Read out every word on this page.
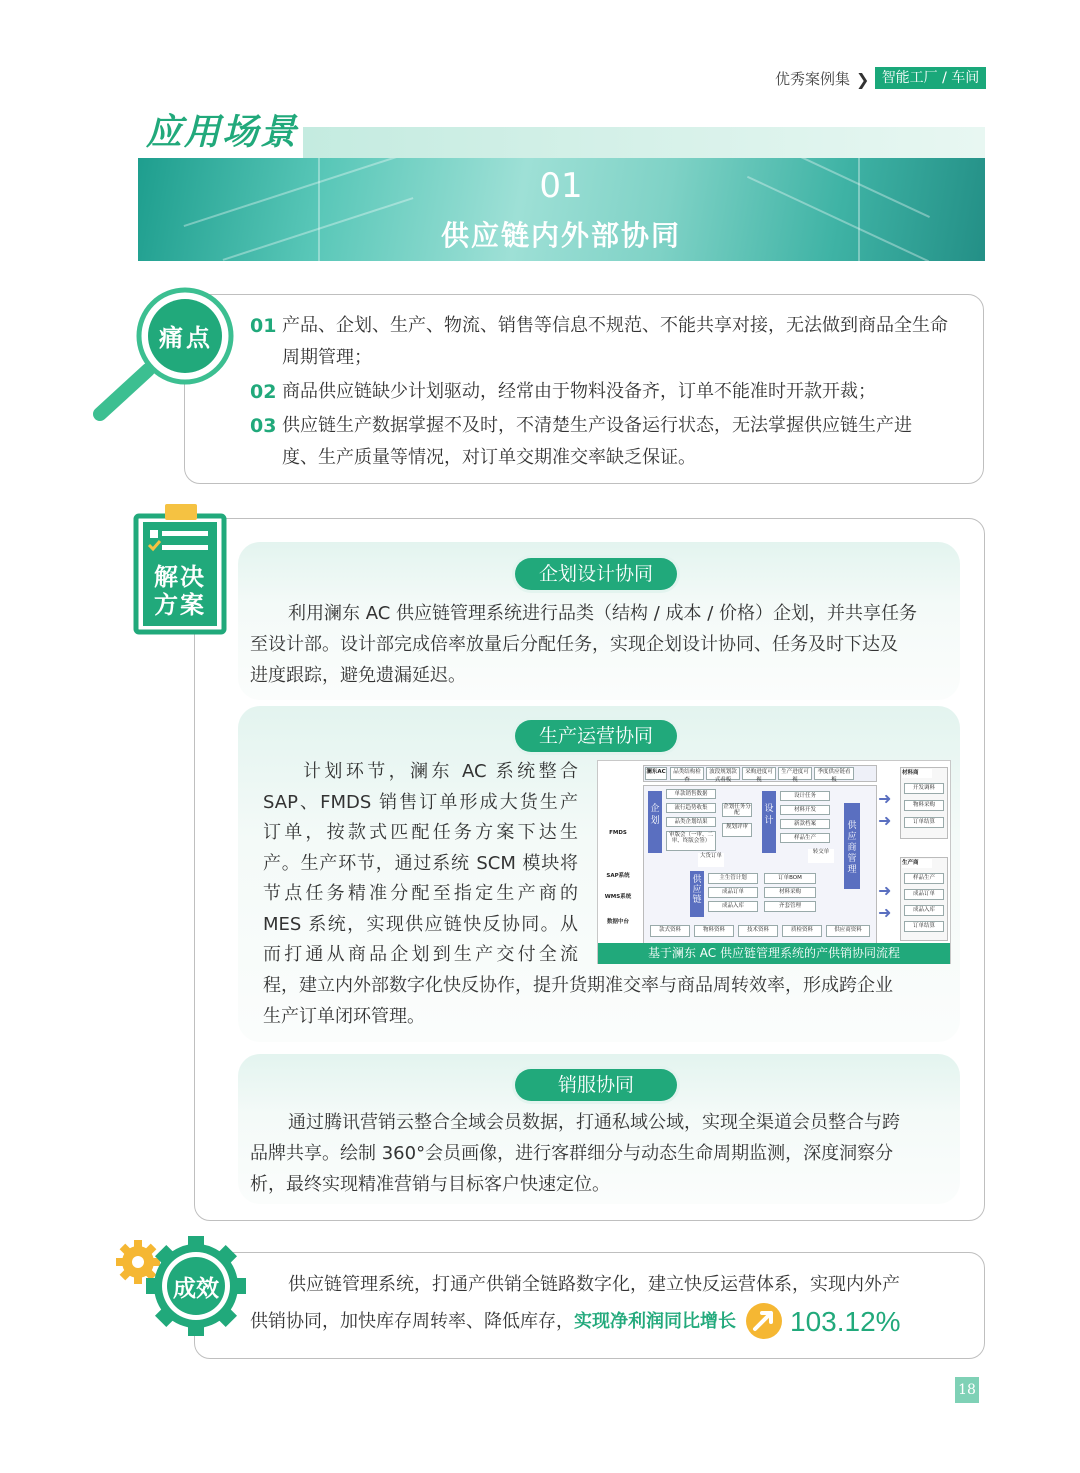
优秀案例集 ❯ 智能工厂 / 车间
应用场景
01
供应链内外部协同
痛点	01 产品、企划、生产、物流、销售等信息不规范、不能共享对接，无法做到商品全生命
周期管理；
02 商品供应链缺少计划驱动，经常由于物料没备齐，订单不能准时开款开裁；
03 供应链生产数据掌握不及时，不清楚生产设备运行状态，无法掌握供应链生产进
度、生产质量等情况，对订单交期准交率缺乏保证。
解决
方案
企划设计协同
利用澜东 AC 供应链管理系统进行品类（结构 / 成本 / 价格）企划，并共享任务
至设计部。设计部完成倍率放量后分配任务，实现企划设计协同、任务及时下达及
进度跟踪，避免遗漏延迟。
生产运营协同
计划环节，澜东 AC 系统整合
SAP、FMDS 销售订单形成大货生产
订单，按款式匹配任务方案下达生
产。生产环节，通过系统 SCM 模块将
节点任务精准分配至指定生产商的
MES 系统，实现供应链快反协同。从
而打通从商品企划到生产交付全流
程，建立内外部数字化快反协作，提升货期准交率与商品周转效率，形成跨企业
生产订单闭环管理。
澜东AC	品类结构检查
波段规划款式看板
采购进度可视
生产进度可视
季度供应链看板
企划
单款销售数据
流行趋势收集
品类企划结果
审版会（一审、二审、终版会签）
企划任务分配
规划评审
设计
设计任务
材料开发
新款档案
样品生产
供应商管理
FMDS
SAP系统
WMS系统
数据中台
大货订单
转交单
供应链
主生管计划
成品订单
成品入库
订单BOM
材料采购
齐套管理
款式资料	物料资料	技术资料	质检资料	供应商资料
➜
➜
➜
➜
材料商
开发调料
物料采购
订单结算
生产商
样品生产
成品订单
成品入库
订单结算
基于澜东 AC 供应链管理系统的产供销协同流程
销服协同
通过腾讯营销云整合全域会员数据，打通私域公域，实现全渠道会员整合与跨
品牌共享。绘制 360°会员画像，进行客群细分与动态生命周期监测，深度洞察分
析，最终实现精准营销与目标客户快速定位。
成效	供应链管理系统，打通产供销全链路数字化，建立快反运营体系，实现内外产
供销协同，加快库存周转率、降低库存， 实现净利润同比增长 103.12%
18
